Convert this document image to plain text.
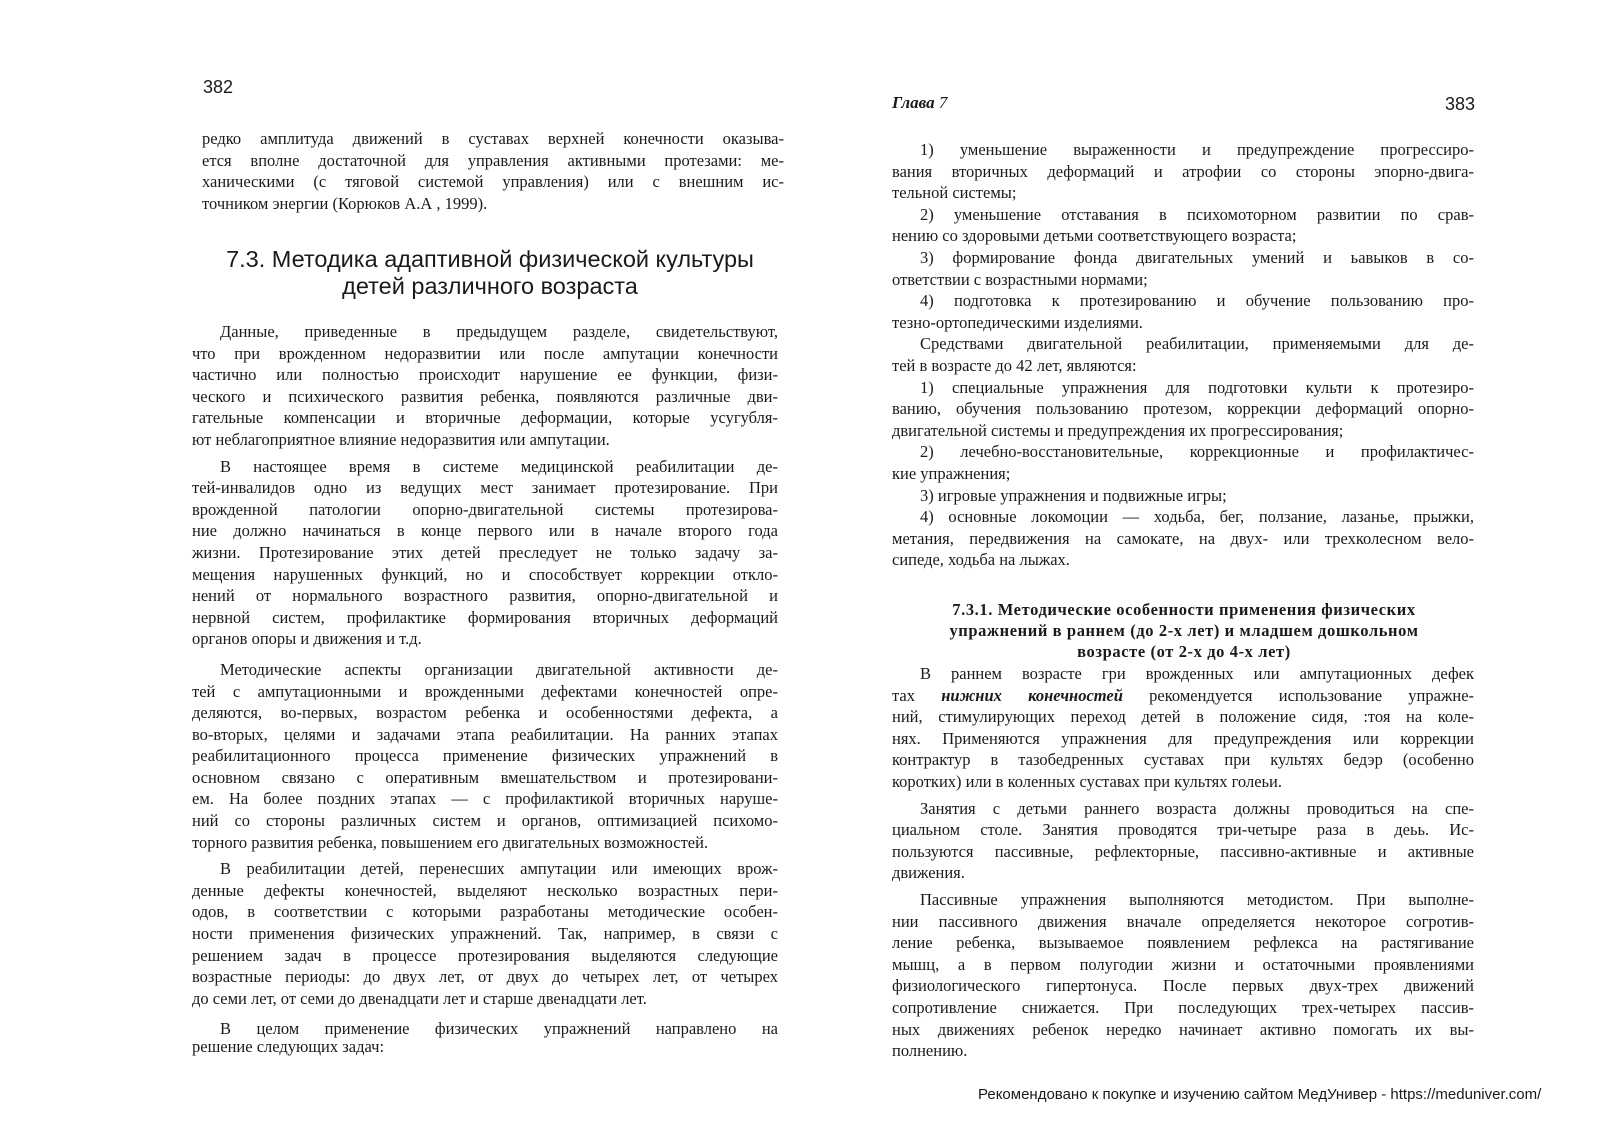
382
редко амплитуда движений в суставах верхней конечности оказыва-
ется вполне достаточной для управления активными протезами: ме-
ханическими (с тяговой системой управления) или с внешним ис-
точником энергии (Корюков А.А , 1999).
7.3. Методика адаптивной физической культуры
детей различного возраста
Данные, приведенные в предыдущем разделе, свидетельствуют,
что при врожденном недоразвитии или после ампутации конечности
частично или полностью происходит нарушение ее функции, физи-
ческого и психического развития ребенка, появляются различные дви-
гательные компенсации и вторичные деформации, которые усугубля-
ют неблагоприятное влияние недоразвития или ампутации.
В настоящее время в системе медицинской реабилитации де-
тей-инвалидов одно из ведущих мест занимает протезирование. При
врожденной патологии опорно-двигательной системы протезирова-
ние должно начинаться в конце первого или в начале второго года
жизни. Протезирование этих детей преследует не только задачу за-
мещения нарушенных функций, но и способствует коррекции откло-
нений от нормального возрастного развития, опорно-двигательной и
нервной систем, профилактике формирования вторичных деформаций
органов опоры и движения и т.д.
Методические аспекты организации двигательной активности де-
тей с ампутационными и врожденными дефектами конечностей опре-
деляются, во-первых, возрастом ребенка и особенностями дефекта, а
во-вторых, целями и задачами этапа реабилитации. На ранних этапах
реабилитационного процесса применение физических упражнений в
основном связано с оперативным вмешательством и протезировани-
ем. На более поздних этапах — с профилактикой вторичных наруше-
ний со стороны различных систем и органов, оптимизацией психомо-
торного развития ребенка, повышением его двигательных возможностей.
В реабилитации детей, перенесших ампутации или имеющих врож-
денные дефекты конечностей, выделяют несколько возрастных пери-
одов, в соответствии с которыми разработаны методические особен-
ности применения физических упражнений. Так, например, в связи с
решением задач в процессе протезирования выделяются следующие
возрастные периоды: до двух лет, от двух до четырех лет, от четырех
до семи лет, от семи до двенадцати лет и старше двенадцати лет.
В целом применение физических упражнений направлено на
решение следующих задач:
Глава 7	383
1) уменьшение выраженности и предупреждение прогрессиро-
вания вторичных деформаций и атрофии со стороны эпорно-двига-
тельной системы;
2) уменьшение отставания в психомоторном развитии по срав-
нению со здоровыми детьми соответствующего возраста;
3) формирование фонда двигательных умений и ьавыков в со-
ответствии с возрастными нормами;
4) подготовка к протезированию и обучение пользованию про-
тезно-ортопедическими изделиями.
Средствами двигательной реабилитации, применяемыми для де-
тей в возрасте до 42 лет, являются:
1) специальные упражнения для подготовки культи к протезиро-
ванию, обучения пользованию протезом, коррекции деформаций опорно-
двигательной системы и предупреждения их прогрессирования;
2) лечебно-восстановительные, коррекционные и профилактичес-
кие упражнения;
3) игровые упражнения и подвижные игры;
4) основные локомоции — ходьба, бег, ползание, лазанье, прыжки,
метания, передвижения на самокате, на двух- или трехколесном вело-
сипеде, ходьба на лыжах.
7.3.1. Методические особенности применения физических
упражнений в раннем (до 2-х лет) и младшем дошкольном
возрасте (от 2-х до 4-х лет)
В раннем возрасте гри врожденных или ампутационных дефек
тах нижних конечностей рекомендуется использование упражне-
ний, стимулирующих переход детей в положение сидя, :тоя на коле-
нях. Применяются упражнения для предупреждения или коррекции
контрактур в тазобедренных суставах при культях бедэр (особенно
коротких) или в коленных суставах при культях голеьи.
Занятия с детьми раннего возраста должны проводиться на спе-
циальном столе. Занятия проводятся три-четыре раза в деьь. Ис-
пользуются пассивные, рефлекторные, пассивно-активные и активные
движения.
Пассивные упражнения выполняются методистом. При выполне-
нии пассивного движения вначале определяется некоторое согротив-
ление ребенка, вызываемое появлением рефлекса на растягивание
мышц, а в первом полугодии жизни и остаточными проявлениями
физиологического гипертонуса. После первых двух-трех движений
сопротивление снижается. При последующих трех-четырех пассив-
ных движениях ребенок нередко начинает активно помогать их вы-
полнению.
Рекомендовано к покупке и изучению сайтом МедУнивер - https://meduniver.com/
